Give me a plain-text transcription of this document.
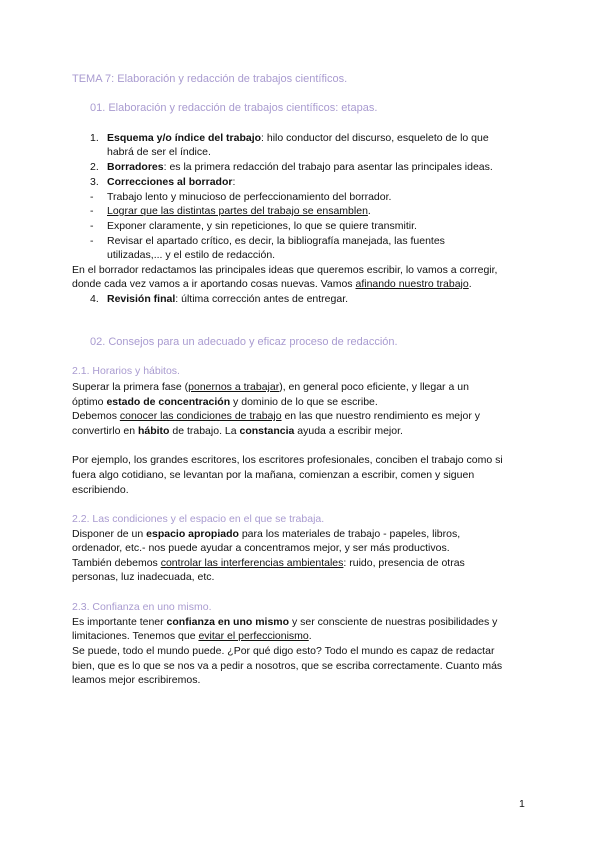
TEMA 7: Elaboración y redacción de trabajos científicos.
01. Elaboración y redacción de trabajos científicos: etapas.
1. Esquema y/o índice del trabajo: hilo conductor del discurso, esqueleto de lo que
habrá de ser el índice.
2. Borradores: es la primera redacción del trabajo para asentar las principales ideas.
3. Correcciones al borrador:
- Trabajo lento y minucioso de perfeccionamiento del borrador.
- Lograr que las distintas partes del trabajo se ensamblen.
- Exponer claramente, y sin repeticiones, lo que se quiere transmitir.
- Revisar el apartado crítico, es decir, la bibliografía manejada, las fuentes
utilizadas,... y el estilo de redacción.
En el borrador redactamos las principales ideas que queremos escribir, lo vamos a corregir,
donde cada vez vamos a ir aportando cosas nuevas. Vamos afinando nuestro trabajo.
4. Revisión final: última corrección antes de entregar.
02. Consejos para un adecuado y eficaz proceso de redacción.
2.1. Horarios y hábitos.
Superar la primera fase (ponernos a trabajar), en general poco eficiente, y llegar a un
óptimo estado de concentración y dominio de lo que se escribe.
Debemos conocer las condiciones de trabajo en las que nuestro rendimiento es mejor y
convertirlo en hábito de trabajo. La constancia ayuda a escribir mejor.
Por ejemplo, los grandes escritores, los escritores profesionales, conciben el trabajo como si
fuera algo cotidiano, se levantan por la mañana, comienzan a escribir, comen y siguen
escribiendo.
2.2. Las condiciones y el espacio en el que se trabaja.
Disponer de un espacio apropiado para los materiales de trabajo - papeles, libros,
ordenador, etc.- nos puede ayudar a concentramos mejor, y ser más productivos.
También debemos controlar las interferencias ambientales: ruido, presencia de otras
personas, luz inadecuada, etc.
2.3. Confianza en uno mismo.
Es importante tener confianza en uno mismo y ser consciente de nuestras posibilidades y
limitaciones. Tenemos que evitar el perfeccionismo.
Se puede, todo el mundo puede. ¿Por qué digo esto? Todo el mundo es capaz de redactar
bien, que es lo que se nos va a pedir a nosotros, que se escriba correctamente. Cuanto más
leamos mejor escribiremos.
1
